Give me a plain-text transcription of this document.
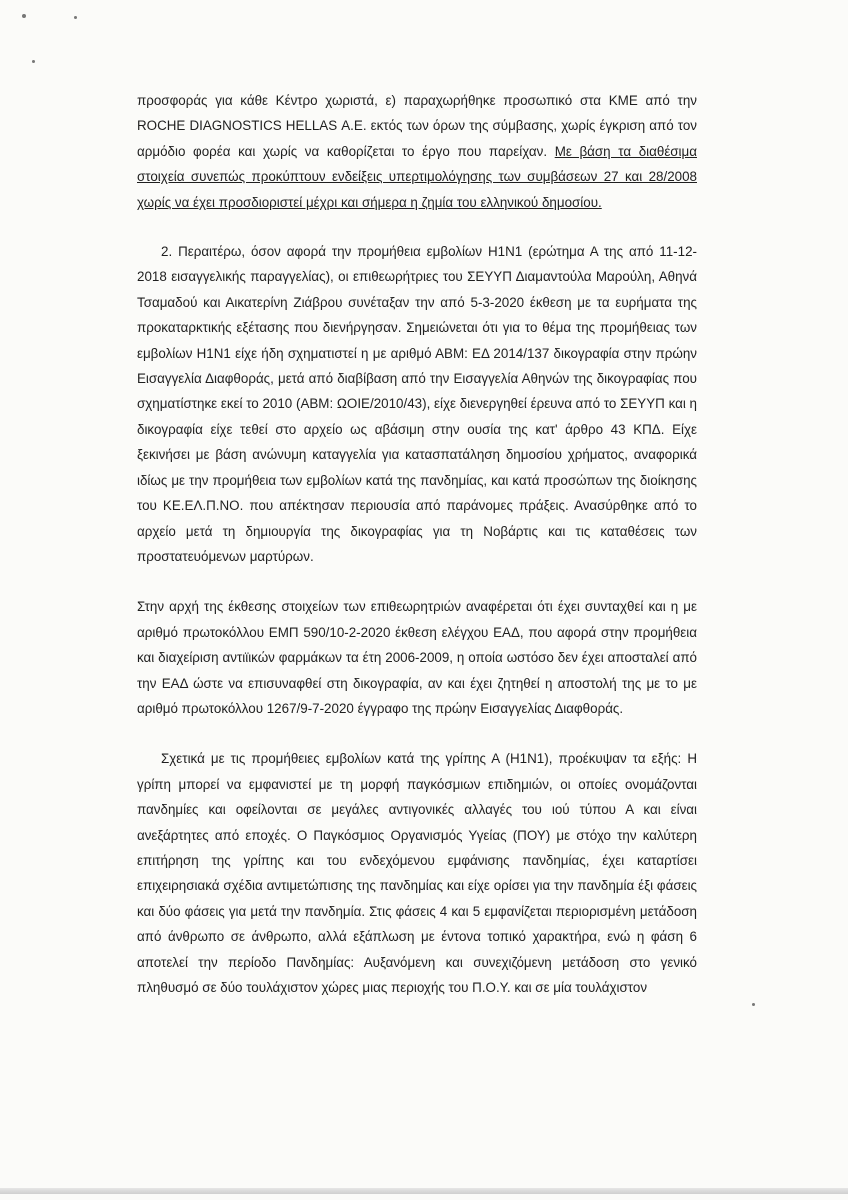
προσφοράς για κάθε Κέντρο χωριστά, ε) παραχωρήθηκε προσωπικό στα ΚΜΕ από την ROCHE DIAGNOSTICS HELLAS Α.Ε. εκτός των όρων της σύμβασης, χωρίς έγκριση από τον αρμόδιο φορέα και χωρίς να καθορίζεται το έργο που παρείχαν. Με βάση τα διαθέσιμα στοιχεία συνεπώς προκύπτουν ενδείξεις υπερτιμολόγησης των συμβάσεων 27 και 28/2008 χωρίς να έχει προσδιοριστεί μέχρι και σήμερα η ζημία του ελληνικού δημοσίου.

2. Περαιτέρω, όσον αφορά την προμήθεια εμβολίων H1N1 (ερώτημα Α της από 11-12-2018 εισαγγελικής παραγγελίας), οι επιθεωρήτριες του ΣΕΥΥΠ Διαμαντούλα Μαρούλη, Αθηνά Τσαμαδού και Αικατερίνη Ζιάβρου συνέταξαν την από 5-3-2020 έκθεση με τα ευρήματα της προκαταρκτικής εξέτασης που διενήργησαν. Σημειώνεται ότι για το θέμα της προμήθειας των εμβολίων H1N1 είχε ήδη σχηματιστεί η με αριθμό ΑΒΜ: ΕΔ 2014/137 δικογραφία στην πρώην Εισαγγελία Διαφθοράς, μετά από διαβίβαση από την Εισαγγελία Αθηνών της δικογραφίας που σχηματίστηκε εκεί το 2010 (ΑΒΜ: ΩΟΙΕ/2010/43), είχε διενεργηθεί έρευνα από το ΣΕΥΥΠ και η δικογραφία είχε τεθεί στο αρχείο ως αβάσιμη στην ουσία της κατ' άρθρο 43 ΚΠΔ. Είχε ξεκινήσει με βάση ανώνυμη καταγγελία για κατασπατάληση δημοσίου χρήματος, αναφορικά ιδίως με την προμήθεια των εμβολίων κατά της πανδημίας, και κατά προσώπων της διοίκησης του ΚΕ.ΕΛ.Π.ΝΟ. που απέκτησαν περιουσία από παράνομες πράξεις. Ανασύρθηκε από το αρχείο μετά τη δημιουργία της δικογραφίας για τη Νοβάρτις και τις καταθέσεις των προστατευόμενων μαρτύρων.

Στην αρχή της έκθεσης στοιχείων των επιθεωρητριών αναφέρεται ότι έχει συνταχθεί και η με αριθμό πρωτοκόλλου ΕΜΠ 590/10-2-2020 έκθεση ελέγχου ΕΑΔ, που αφορά στην προμήθεια και διαχείριση αντιϊικών φαρμάκων τα έτη 2006-2009, η οποία ωστόσο δεν έχει αποσταλεί από την ΕΑΔ ώστε να επισυναφθεί στη δικογραφία, αν και έχει ζητηθεί η αποστολή της με το με αριθμό πρωτοκόλλου 1267/9-7-2020 έγγραφο της πρώην Εισαγγελίας Διαφθοράς.

Σχετικά με τις προμήθειες εμβολίων κατά της γρίπης Α (H1N1), προέκυψαν τα εξής: Η γρίπη μπορεί να εμφανιστεί με τη μορφή παγκόσμιων επιδημιών, οι οποίες ονομάζονται πανδημίες και οφείλονται σε μεγάλες αντιγονικές αλλαγές του ιού τύπου Α και είναι ανεξάρτητες από εποχές. Ο Παγκόσμιος Οργανισμός Υγείας (ΠΟΥ) με στόχο την καλύτερη επιτήρηση της γρίπης και του ενδεχόμενου εμφάνισης πανδημίας, έχει καταρτίσει επιχειρησιακά σχέδια αντιμετώπισης της πανδημίας και είχε ορίσει για την πανδημία έξι φάσεις και δύο φάσεις για μετά την πανδημία. Στις φάσεις 4 και 5 εμφανίζεται περιορισμένη μετάδοση από άνθρωπο σε άνθρωπο, αλλά εξάπλωση με έντονα τοπικό χαρακτήρα, ενώ η φάση 6 αποτελεί την περίοδο Πανδημίας: Αυξανόμενη και συνεχιζόμενη μετάδοση στο γενικό πληθυσμό σε δύο τουλάχιστον χώρες μιας περιοχής του Π.Ο.Υ. και σε μία τουλάχιστον
